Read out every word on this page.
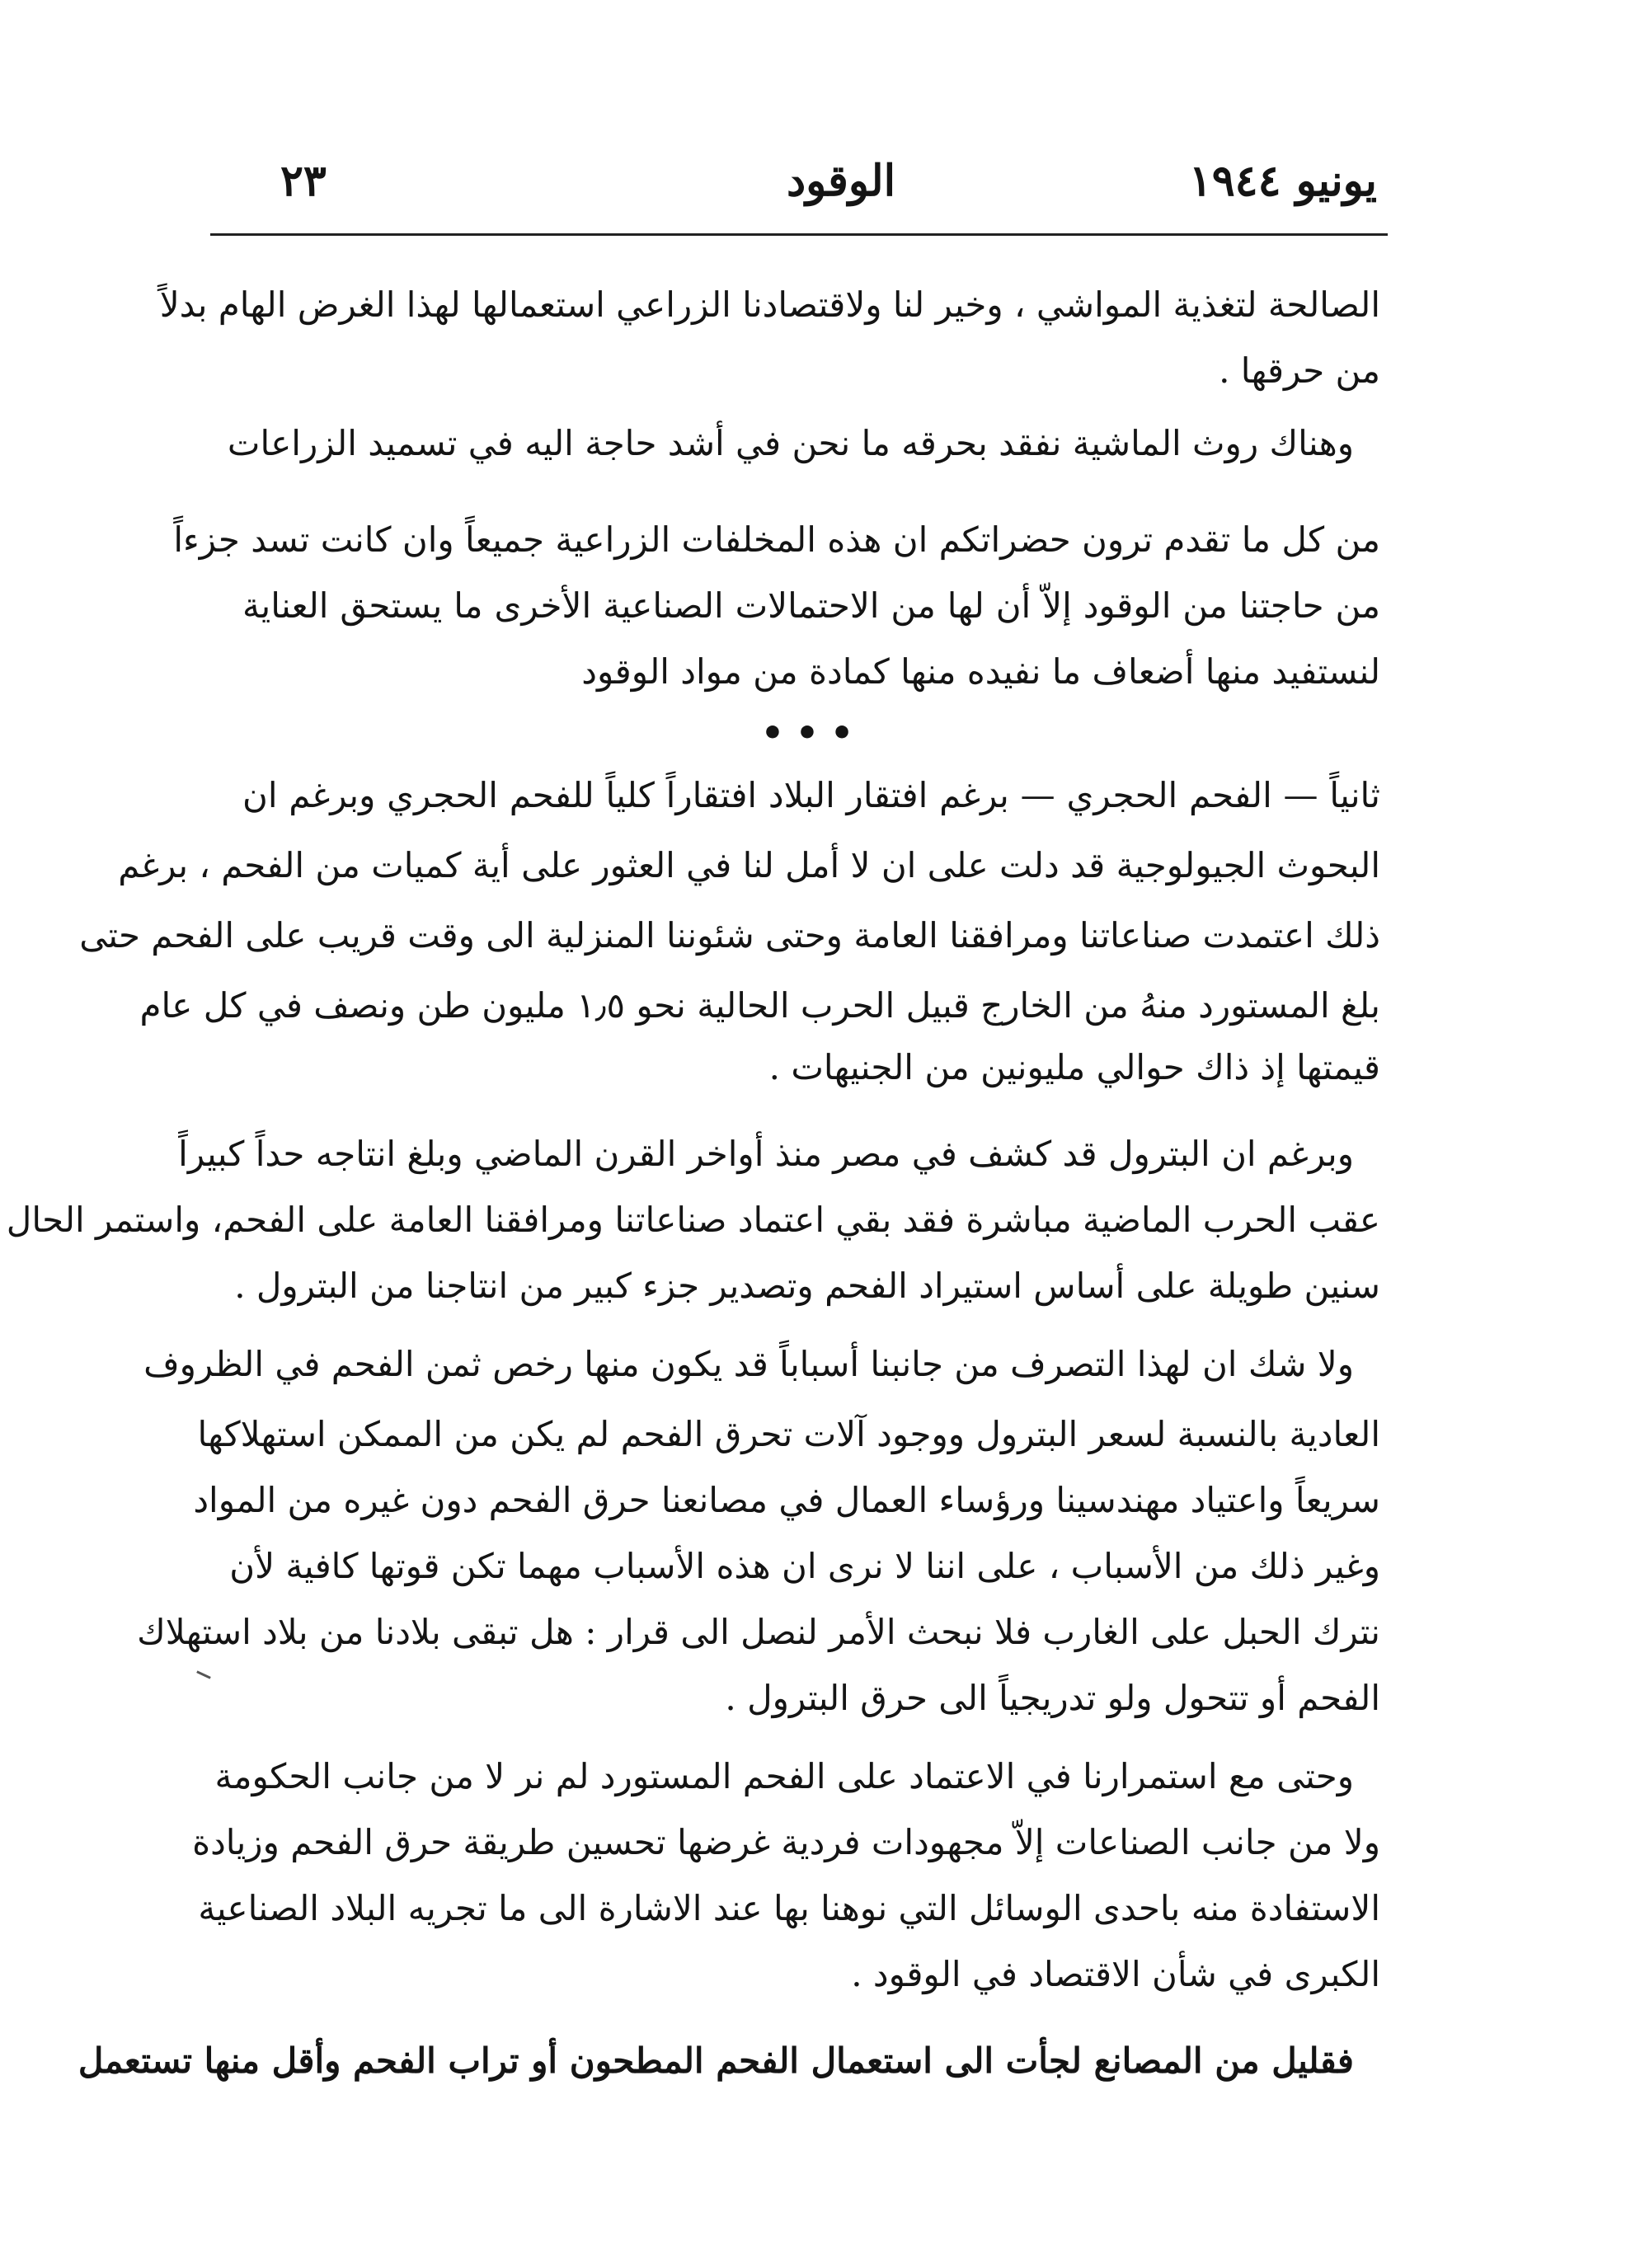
يونيو ١٩٤٤
الوقود
٢٣
الصالحة لتغذية المواشي ، وخير لنا ولاقتصادنا الزراعي استعمالها لهذا الغرض الهام بدلاً
من حرقها .
وهناك روث الماشية نفقد بحرقه ما نحن في أشد حاجة اليه في تسميد الزراعات
من كل ما تقدم ترون حضراتكم ان هذه المخلفات الزراعية جميعاً وان كانت تسد جزءاً
من حاجتنا من الوقود إلاّ أن لها من الاحتمالات الصناعية الأخرى ما يستحق العناية
لنستفيد منها أضعاف ما نفيده منها كمادة من مواد الوقود
•••
ثانياً — الفحم الحجري — برغم افتقار البلاد افتقاراً كلياً للفحم الحجري وبرغم ان
البحوث الجيولوجية قد دلت على ان لا أمل لنا في العثور على أية كميات من الفحم ، برغم
ذلك اعتمدت صناعاتنا ومرافقنا العامة وحتى شئوننا المنزلية الى وقت قريب على الفحم حتى
بلغ المستورد منهُ من الخارج قبيل الحرب الحالية نحو ١٫٥ مليون طن ونصف في كل عام
قيمتها إذ ذاك حوالي مليونين من الجنيهات .
وبرغم ان البترول قد كشف في مصر منذ أواخر القرن الماضي وبلغ انتاجه حداً كبيراً
عقب الحرب الماضية مباشرة فقد بقي اعتماد صناعاتنا ومرافقنا العامة على الفحم، واستمر الحال
سنين طويلة على أساس استيراد الفحم وتصدير جزء كبير من انتاجنا من البترول .
ولا شك ان لهذا التصرف من جانبنا أسباباً قد يكون منها رخص ثمن الفحم في الظروف
العادية بالنسبة لسعر البترول ووجود آلات تحرق الفحم لم يكن من الممكن استهلاكها
سريعاً واعتياد مهندسينا ورؤساء العمال في مصانعنا حرق الفحم دون غيره من المواد
وغير ذلك من الأسباب ، على اننا لا نرى ان هذه الأسباب مهما تكن قوتها كافية لأن
نترك الحبل على الغارب فلا نبحث الأمر لنصل الى قرار : هل تبقى بلادنا من بلاد استهلاك
الفحم أو تتحول ولو تدريجياً الى حرق البترول .
وحتى مع استمرارنا في الاعتماد على الفحم المستورد لم نر لا من جانب الحكومة
ولا من جانب الصناعات إلاّ مجهودات فردية غرضها تحسين طريقة حرق الفحم وزيادة
الاستفادة منه باحدى الوسائل التي نوهنا بها عند الاشارة الى ما تجريه البلاد الصناعية
الكبرى في شأن الاقتصاد في الوقود .
فقليل من المصانع لجأت الى استعمال الفحم المطحون أو تراب الفحم وأقل منها تستعمل
